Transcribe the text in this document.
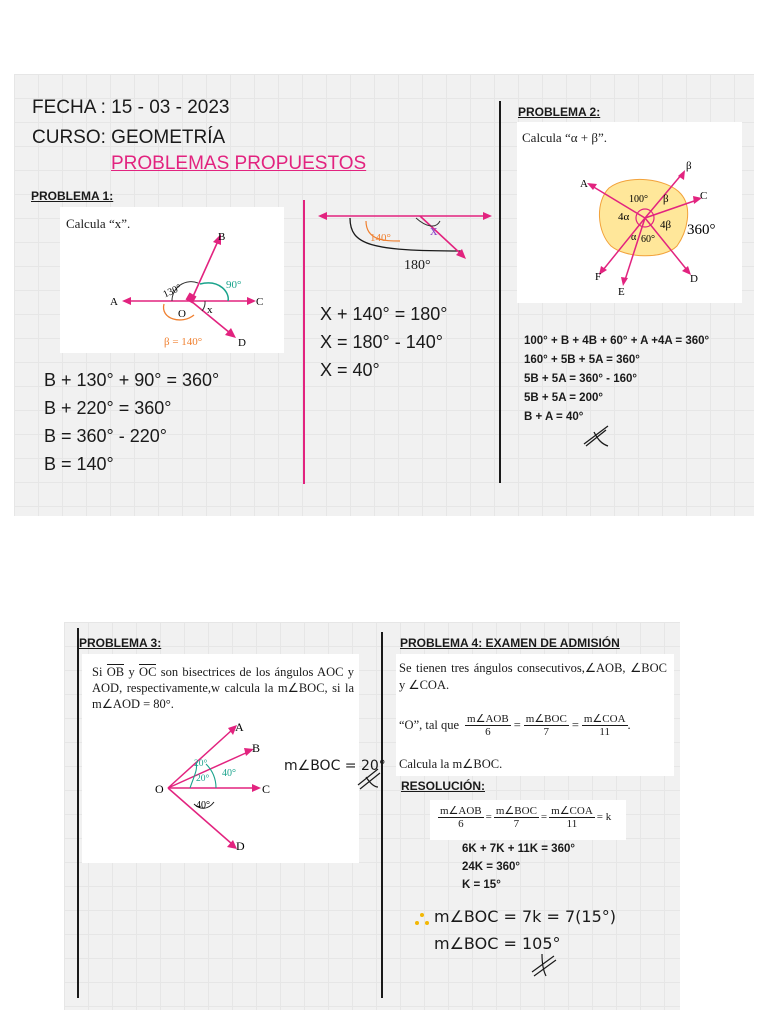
FECHA : 15 - 03 - 2023
CURSO: GEOMETRÍA
PROBLEMAS PROPUESTOS
PROBLEMA 1:
Calcula “x”.
B
A	C
D
O x
130°	90°
β = 140°
B + 130° + 90° = 360°
B + 220° = 360°
B = 360° - 220°
B = 140°
140°	x
180°
X + 140° = 180°
X = 180° - 140°
X = 40°
PROBLEMA 2:
Calcula “α + β”.
A
β
C
D
E
F
100° β
4α
4β
α 60°
360°
100° + B + 4B + 60° + A +4A = 360°
160° + 5B + 5A = 360°
5B + 5A = 360° - 160°
5B + 5A = 200°
B + A = 40°
PROBLEMA 3:
Si OB y OC son bisectrices de los ángulos AOC y AOD, respectivamente,w calcula la m∠BOC, si la m∠AOD = 80°.
A
B
C
D
O
20°
20° 40°
40°
m∠BOC = 20°
PROBLEMA 4: EXAMEN DE ADMISIÓN
Se tienen tres ángulos consecutivos,∠AOB, ∠BOC y ∠COA.
“O”, tal que m∠AOB
6
= m∠BOC
7
= m∠COA
11
.
Calcula la m∠BOC.
RESOLUCIÓN:
m∠AOB
6
= m∠BOC
7
= m∠COA
11
= k
6K + 7K + 11K = 360°
24K = 360°
K = 15°
m∠BOC = 7k = 7(15°)
m∠BOC = 105°
